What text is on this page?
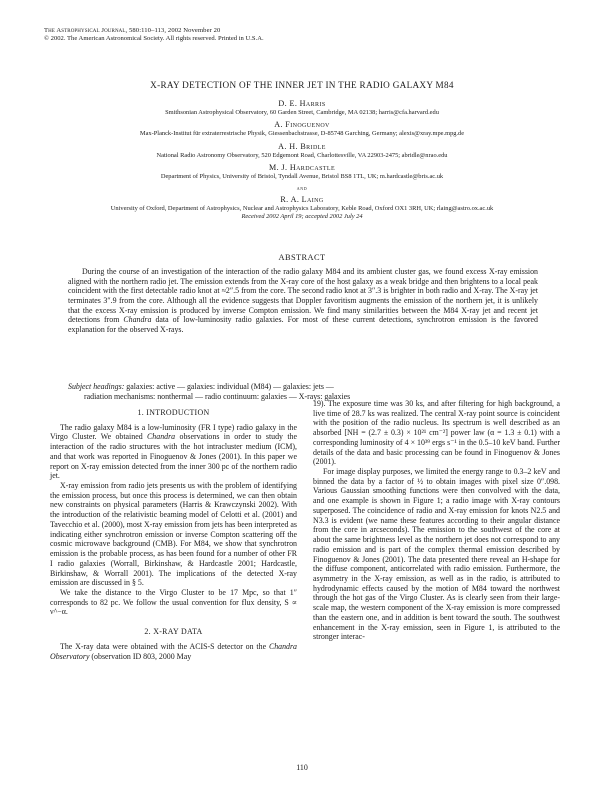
The Astrophysical Journal, 580:110–113, 2002 November 20
© 2002. The American Astronomical Society. All rights reserved. Printed in U.S.A.
X-RAY DETECTION OF THE INNER JET IN THE RADIO GALAXY M84
D. E. Harris
Smithsonian Astrophysical Observatory, 60 Garden Street, Cambridge, MA 02138; harris@cfa.harvard.edu
A. Finoguenov
Max-Planck-Institut für extraterrestrische Physik, Giessenbachstrasse, D-85748 Garching, Germany; alexis@xray.mpe.mpg.de
A. H. Bridle
National Radio Astronomy Observatory, 520 Edgemont Road, Charlottesville, VA 22903-2475; abridle@nrao.edu
M. J. Hardcastle
Department of Physics, University of Bristol, Tyndall Avenue, Bristol BS8 1TL, UK; m.hardcastle@bris.ac.uk
and
R. A. Laing
University of Oxford, Department of Astrophysics, Nuclear and Astrophysics Laboratory, Keble Road, Oxford OX1 3RH, UK; rlaing@astro.ox.ac.uk
Received 2002 April 19; accepted 2002 July 24
ABSTRACT

During the course of an investigation of the interaction of the radio galaxy M84 and its ambient cluster gas, we found excess X-ray emission aligned with the northern radio jet. The emission extends from the X-ray core of the host galaxy as a weak bridge and then brightens to a local peak coincident with the first detectable radio knot at ≈2″.5 from the core. The second radio knot at 3″.3 is brighter in both radio and X-ray. The X-ray jet terminates 3″.9 from the core. Although all the evidence suggests that Doppler favoritism augments the emission of the northern jet, it is unlikely that the excess X-ray emission is produced by inverse Compton emission. We find many similarities between the M84 X-ray jet and recent jet detections from Chandra data of low-luminosity radio galaxies. For most of these current detections, synchrotron emission is the favored explanation for the observed X-rays.

Subject headings: galaxies: active — galaxies: individual (M84) — galaxies: jets —
radiation mechanisms: nonthermal — radio continuum: galaxies — X-rays: galaxies
1. INTRODUCTION

The radio galaxy M84 is a low-luminosity (FR I type) radio galaxy in the Virgo Cluster. We obtained Chandra observations in order to study the interaction of the radio structures with the hot intracluster medium (ICM), and that work was reported in Finoguenov & Jones (2001). In this paper we report on X-ray emission detected from the inner 300 pc of the northern radio jet.

X-ray emission from radio jets presents us with the problem of identifying the emission process, but once this process is determined, we can then obtain new constraints on physical parameters (Harris & Krawczynski 2002). With the introduction of the relativistic beaming model of Celotti et al. (2001) and Tavecchio et al. (2000), most X-ray emission from jets has been interpreted as indicating either synchrotron emission or inverse Compton scattering off the cosmic microwave background (CMB). For M84, we show that synchrotron emission is the probable process, as has been found for a number of other FR I radio galaxies (Worrall, Birkinshaw, & Hardcastle 2001; Hardcastle, Birkinshaw, & Worrall 2001). The implications of the detected X-ray emission are discussed in § 5.

We take the distance to the Virgo Cluster to be 17 Mpc, so that 1″ corresponds to 82 pc. We follow the usual convention for flux density, S ∝ ν^−α.

2. X-RAY DATA

The X-ray data were obtained with the ACIS-S detector on the Chandra Observatory (observation ID 803, 2000 May

19). The exposure time was 30 ks, and after filtering for high background, a live time of 28.7 ks was realized. The central X-ray point source is coincident with the position of the radio nucleus. Its spectrum is well described as an absorbed [NH = (2.7 ± 0.3) × 10²¹ cm⁻²] power law (α = 1.3 ± 0.1) with a corresponding luminosity of 4 × 10³⁹ ergs s⁻¹ in the 0.5–10 keV band. Further details of the data and basic processing can be found in Finoguenov & Jones (2001).

For image display purposes, we limited the energy range to 0.3–2 keV and binned the data by a factor of ½ to obtain images with pixel size 0″.098. Various Gaussian smoothing functions were then convolved with the data, and one example is shown in Figure 1; a radio image with X-ray contours superposed. The coincidence of radio and X-ray emission for knots N2.5 and N3.3 is evident (we name these features according to their angular distance from the core in arcseconds). The emission to the southwest of the core at about the same brightness level as the northern jet does not correspond to any radio emission and is part of the complex thermal emission described by Finoguenov & Jones (2001). The data presented there reveal an H-shape for the diffuse component, anticorrelated with radio emission. Furthermore, the asymmetry in the X-ray emission, as well as in the radio, is attributed to hydrodynamic effects caused by the motion of M84 toward the northwest through the hot gas of the Virgo Cluster. As is clearly seen from their large-scale map, the western component of the X-ray emission is more compressed than the eastern one, and in addition is bent toward the south. The southwest enhancement in the X-ray emission, seen in Figure 1, is attributed to the stronger interac-

110
